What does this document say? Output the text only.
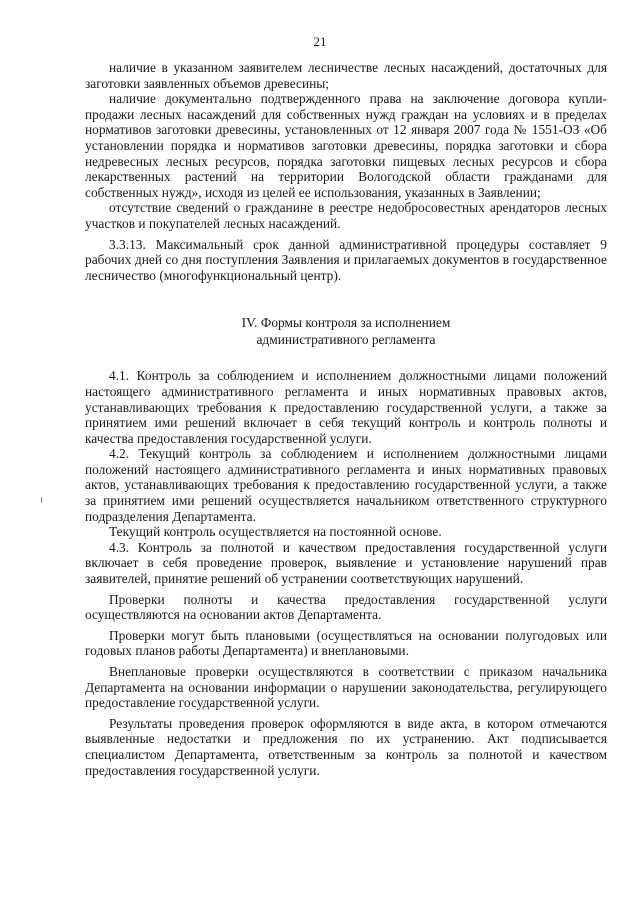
21

наличие в указанном заявителем лесничестве лесных насаждений, достаточных для заготовки заявленных объемов древесины;

наличие документально подтвержденного права на заключение договора купли-продажи лесных насаждений для собственных нужд граждан на условиях и в пределах нормативов заготовки древесины, установленных от 12 января 2007 года № 1551-ОЗ «Об установлении порядка и нормативов заготовки древесины, порядка заготовки и сбора недревесных лесных ресурсов, порядка заготовки пищевых лесных ресурсов и сбора лекарственных растений на территории Вологодской области гражданами для собственных нужд», исходя из целей ее использования, указанных в Заявлении;

отсутствие сведений о гражданине в реестре недобросовестных арендаторов лесных участков и покупателей лесных насаждений.

3.3.13. Максимальный срок данной административной процедуры составляет 9 рабочих дней со дня поступления Заявления и прилагаемых документов в государственное лесничество (многофункциональный центр).

IV. Формы контроля за исполнением

административного регламента

4.1. Контроль за соблюдением и исполнением должностными лицами положений настоящего административного регламента и иных нормативных правовых актов, устанавливающих требования к предоставлению государственной услуги, а также за принятием ими решений включает в себя текущий контроль и контроль полноты и качества предоставления государственной услуги.

4.2. Текущий контроль за соблюдением и исполнением должностными лицами положений настоящего административного регламента и иных нормативных правовых актов, устанавливающих требования к предоставлению государственной услуги, а также за принятием ими решений осуществляется начальником ответственного структурного подразделения Департамента.

Текущий контроль осуществляется на постоянной основе.

4.3. Контроль за полнотой и качеством предоставления государственной услуги включает в себя проведение проверок, выявление и установление нарушений прав заявителей, принятие решений об устранении соответствующих нарушений.

Проверки полноты и качества предоставления государственной услуги осуществляются на основании актов Департамента.

Проверки могут быть плановыми (осуществляться на основании полугодовых или годовых планов работы Департамента) и внеплановыми.

Внеплановые проверки осуществляются в соответствии с приказом начальника Департамента на основании информации о нарушении законодательства, регулирующего предоставление государственной услуги.

Результаты проведения проверок оформляются в виде акта, в котором отмечаются выявленные недостатки и предложения по их устранению. Акт подписывается специалистом Департамента, ответственным за контроль за полнотой и качеством предоставления государственной услуги.
